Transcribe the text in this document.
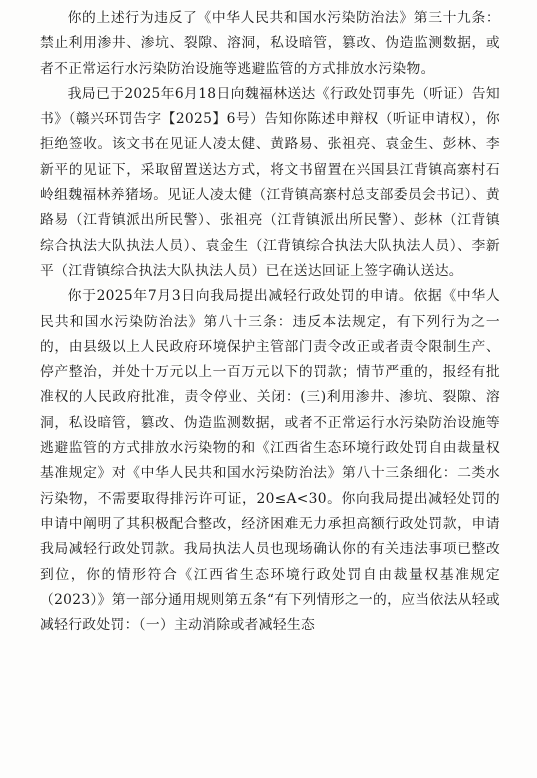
你的上述行为违反了《中华人民共和国水污染防治法》第三十九条：禁止利用渗井、渗坑、裂隙、溶洞，私设暗管，篡改、伪造监测数据，或者不正常运行水污染防治设施等逃避监管的方式排放水污染物。

我局已于2025年6月18日向魏福林送达《行政处罚事先（听证）告知书》（赣兴环罚告字【2025】6号）告知你陈述申辩权（听证申请权），你拒绝签收。该文书在见证人凌太健、黄路易、张祖亮、袁金生、彭林、李新平的见证下，采取留置送达方式，将文书留置在兴国县江背镇高寨村石岭组魏福林养猪场。见证人凌太健（江背镇高寨村总支部委员会书记）、黄路易（江背镇派出所民警）、张祖亮（江背镇派出所民警）、彭林（江背镇综合执法大队执法人员）、袁金生（江背镇综合执法大队执法人员）、李新平（江背镇综合执法大队执法人员）已在送达回证上签字确认送达。

你于2025年7月3日向我局提出减轻行政处罚的申请。依据《中华人民共和国水污染防治法》第八十三条：违反本法规定，有下列行为之一的，由县级以上人民政府环境保护主管部门责令改正或者责令限制生产、停产整治，并处十万元以上一百万元以下的罚款；情节严重的，报经有批准权的人民政府批准，责令停业、关闭：(三)利用渗井、渗坑、裂隙、溶洞，私设暗管，篡改、伪造监测数据，或者不正常运行水污染防治设施等逃避监管的方式排放水污染物的和《江西省生态环境行政处罚自由裁量权基准规定》对《中华人民共和国水污染防治法》第八十三条细化：二类水污染物，不需要取得排污许可证，20≤A<30。你向我局提出减轻处罚的申请中阐明了其积极配合整改，经济困难无力承担高额行政处罚款，申请我局减轻行政处罚款。我局执法人员也现场确认你的有关违法事项已整改到位，你的情形符合《江西省生态环境行政处罚自由裁量权基准规定（2023）》第一部分通用规则第五条“有下列情形之一的，应当依法从轻或减轻行政处罚：（一）主动消除或者减轻生态
